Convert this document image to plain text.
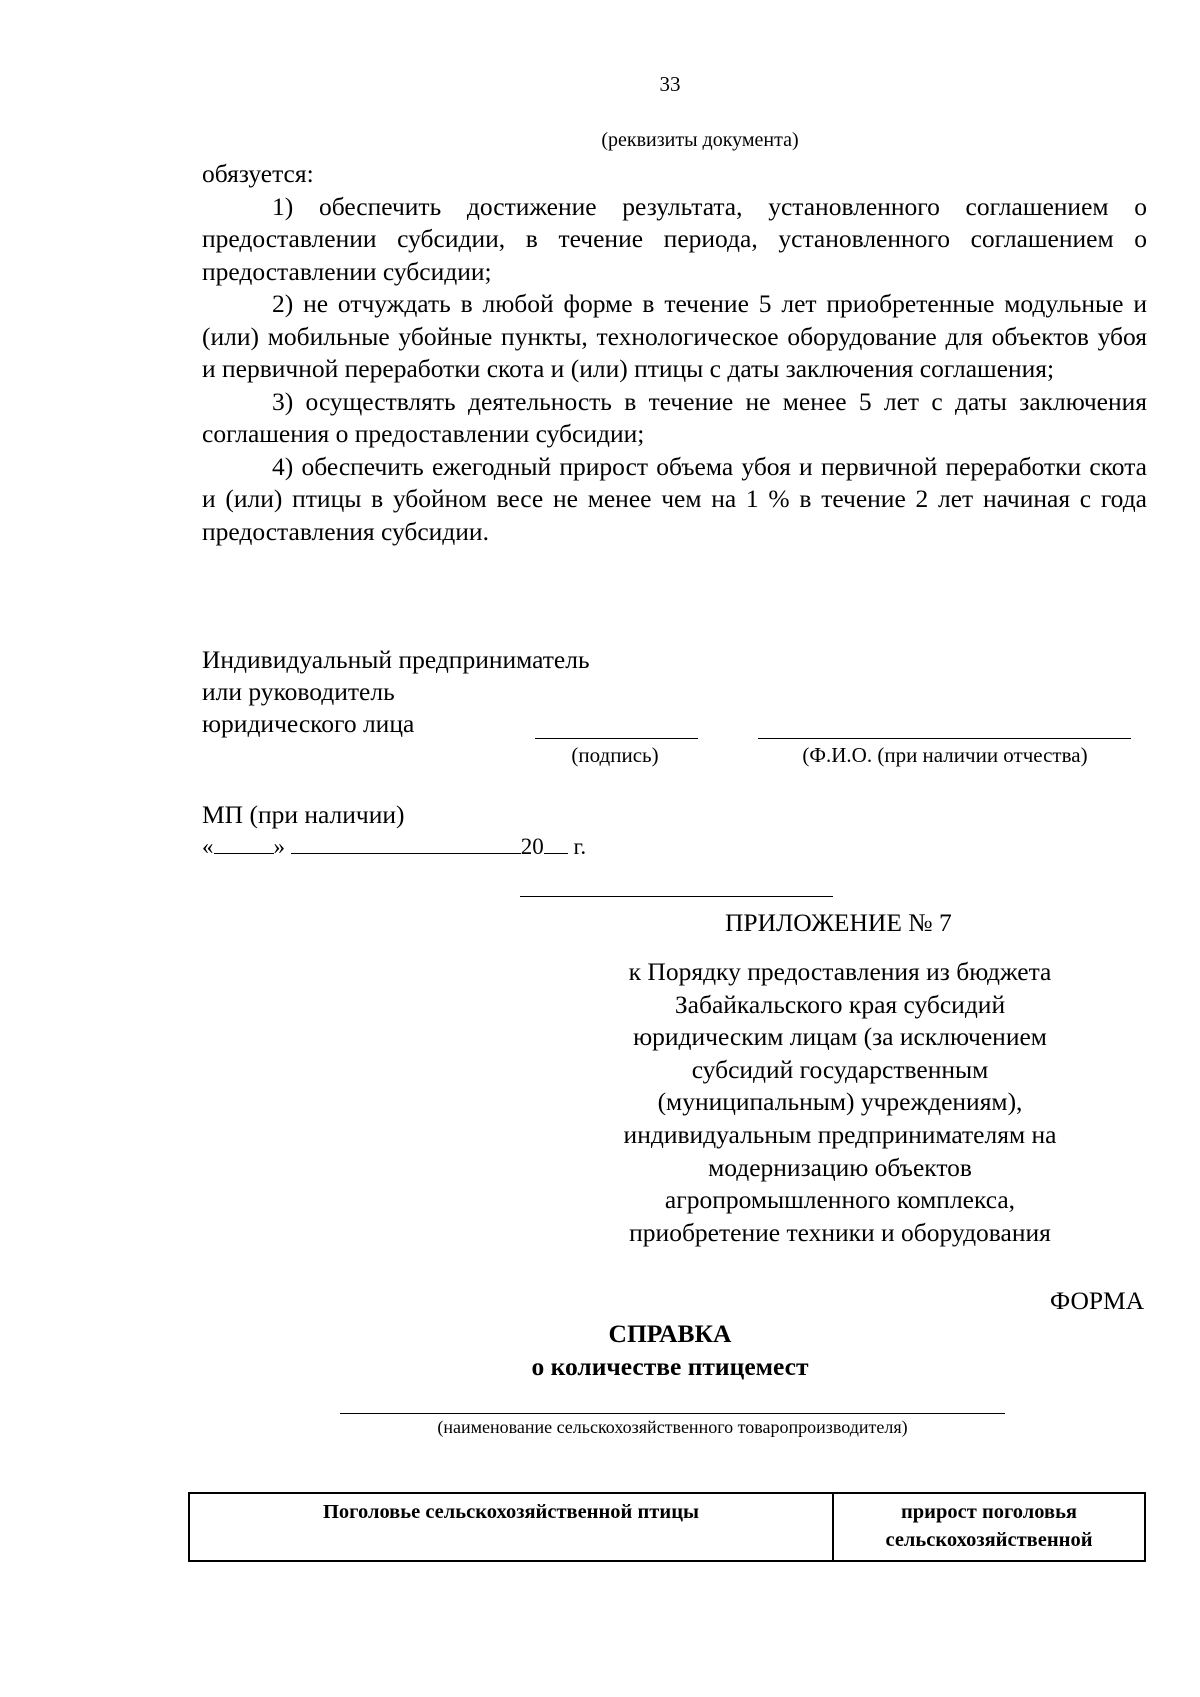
33
(реквизиты документа)

обязуется:

1) обеспечить достижение результата, установленного соглашением о предоставлении субсидии, в течение периода, установленного соглашением о предоставлении субсидии;

2) не отчуждать в любой форме в течение 5 лет приобретенные модульные и (или) мобильные убойные пункты, технологическое оборудование для объектов убоя и первичной переработки скота и (или) птицы с даты заключения соглашения;

3) осуществлять деятельность в течение не менее 5 лет с даты заключения соглашения о предоставлении субсидии;

4) обеспечить ежегодный прирост объема убоя и первичной переработки скота и (или) птицы в убойном весе не менее чем на 1 % в течение 2 лет начиная с года предоставления субсидии.

Индивидуальный предприниматель
или руководитель
юридического лица
(подпись)	(Ф.И.О. (при наличии отчества)
МП (при наличии)
«	»	20 г.
ПРИЛОЖЕНИЕ № 7
к Порядку предоставления из бюджета Забайкальского края субсидий юридическим лицам (за исключением субсидий государственным (муниципальным) учреждениям), индивидуальным предпринимателям на модернизацию объектов агропромышленного комплекса, приобретение техники и оборудования
ФОРМА
СПРАВКА
о количестве птицемест
(наименование сельскохозяйственного товаропроизводителя)
Поголовье сельскохозяйственной птицы	прирост поголовья сельскохозяйственной
